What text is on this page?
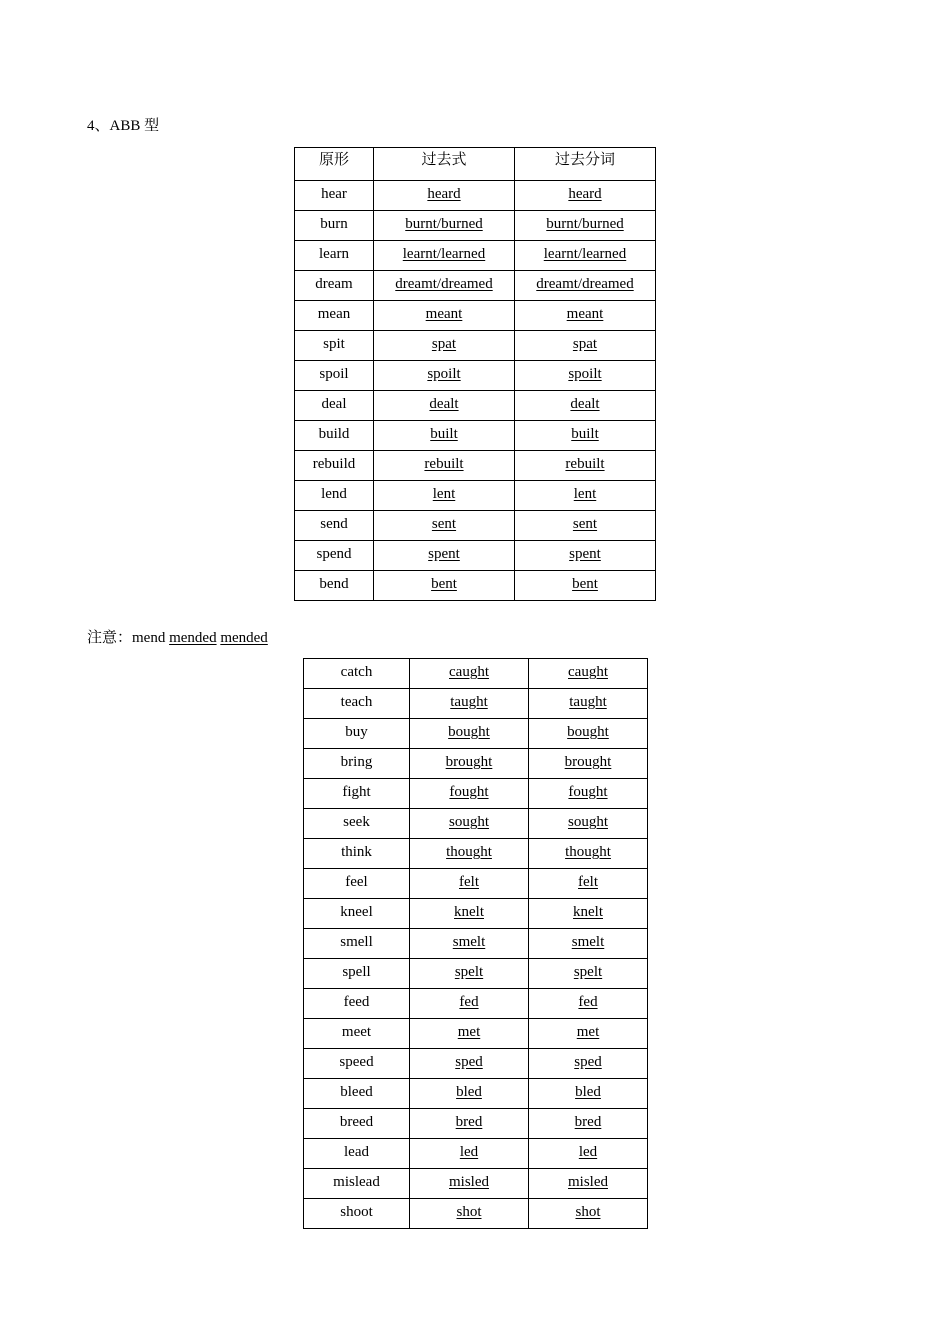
4、ABB 型
原形	过去式	过去分词
hear	heard	heard
burn	burnt/burned	burnt/burned
learn	learnt/learned	learnt/learned
dream	dreamt/dreamed	dreamt/dreamed
mean	meant	meant
spit	spat	spat
spoil	spoilt	spoilt
deal	dealt	dealt
build	built	built
rebuild	rebuilt	rebuilt
lend	lent	lent
send	sent	sent
spend	spent	spent
bend	bent	bent
注意：mend mended mended
catch	caught	caught
teach	taught	taught
buy	bought	bought
bring	brought	brought
fight	fought	fought
seek	sought	sought
think	thought	thought
feel	felt	felt
kneel	knelt	knelt
smell	smelt	smelt
spell	spelt	spelt
feed	fed	fed
meet	met	met
speed	sped	sped
bleed	bled	bled
breed	bred	bred
lead	led	led
mislead	misled	misled
shoot	shot	shot
